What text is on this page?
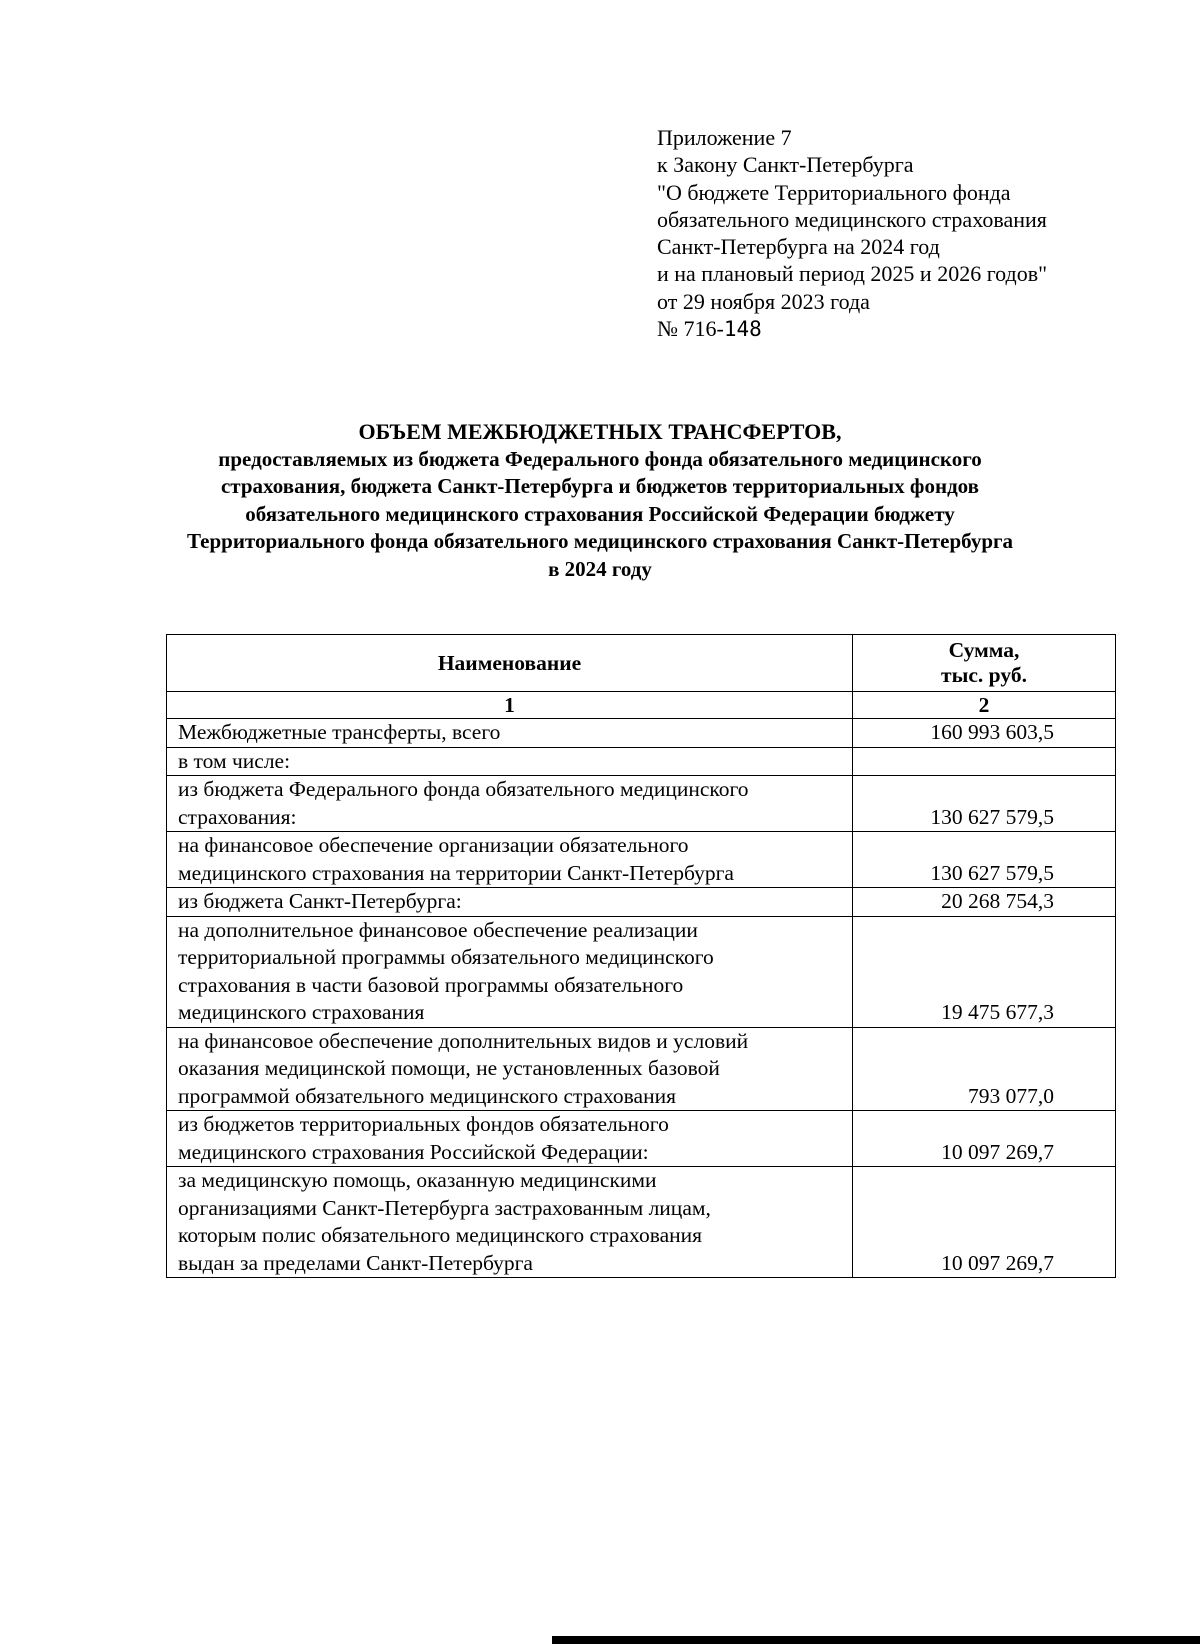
Приложение 7
к Закону Санкт-Петербурга
"О бюджете Территориального фонда
обязательного медицинского страхования
Санкт-Петербурга на 2024 год
и на плановый период 2025 и 2026 годов"
от 29 ноября 2023 года
№ 716-148
ОБЪЕМ МЕЖБЮДЖЕТНЫХ ТРАНСФЕРТОВ,
предоставляемых из бюджета Федерального фонда обязательного медицинского
страхования, бюджета Санкт-Петербурга и бюджетов территориальных фондов
обязательного медицинского страхования Российской Федерации бюджету
Территориального фонда обязательного медицинского страхования Санкт-Петербурга
в 2024 году
Наименование	Сумма,
тыс. руб.

1	2

Межбюджетные трансферты, всего	160 993 603,5

в том числе:	

из бюджета Федерального фонда обязательного медицинского
страхования:	130 627 579,5

на финансовое обеспечение организации обязательного
медицинского страхования на территории Санкт-Петербурга	130 627 579,5

из бюджета Санкт-Петербурга:	20 268 754,3

на дополнительное финансовое обеспечение реализации
территориальной программы обязательного медицинского
страхования в части базовой программы обязательного
медицинского страхования	19 475 677,3

на финансовое обеспечение дополнительных видов и условий
оказания медицинской помощи, не установленных базовой
программой обязательного медицинского страхования	793 077,0

из бюджетов территориальных фондов обязательного
медицинского страхования Российской Федерации:	10 097 269,7

за медицинскую помощь, оказанную медицинскими
организациями Санкт-Петербурга застрахованным лицам,
которым полис обязательного медицинского страхования
выдан за пределами Санкт-Петербурга	10 097 269,7
